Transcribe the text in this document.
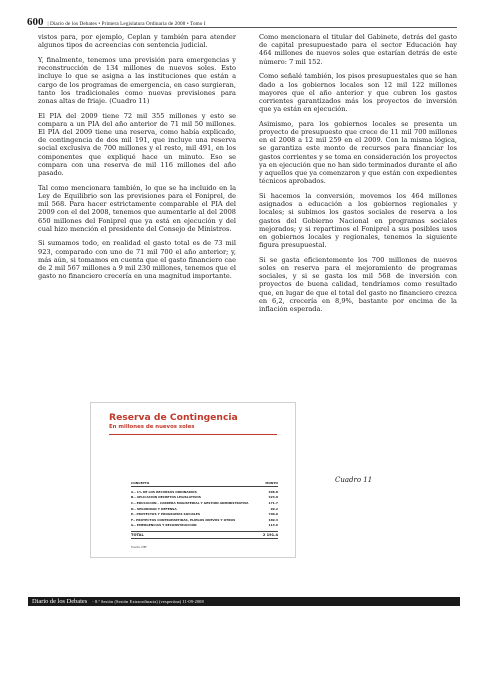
600 | Diario de los Debates • Primera Legislatura Ordinaria de 2008 • Tomo I

vistos para, por ejemplo, Ceplan y también para atender algunos tipos de acreencias con sentencia judicial.

Y, finalmente, tenemos una previsión para emergencias y reconstrucción de 134 millones de nuevos soles. Esto incluye lo que se asigna a las instituciones que están a cargo de los programas de emergencia, en caso surgieran, tanto los tradicionales como nuevas previsiones para zonas altas de friaje. (Cuadro 11)

El PIA del 2009 tiene 72 mil 355 millones y esto se compara a un PIA del año anterior de 71 mil 50 millones. El PIA del 2009 tiene una reserva, como había explicado, de contingencia de dos mil 191, que incluye una reserva social exclusiva de 700 millones y el resto, mil 491, en los componentes que expliqué hace un minuto. Eso se compara con una reserva de mil 116 millones del año pasado.

Tal como mencionara también, lo que se ha incluido en la Ley de Equilibrio son las previsiones para el Foniprel, de mil 568. Para hacer estrictamente comparable el PIA del 2009 con el del 2008, tenemos que aumentarle al del 2008 650 millones del Foniprel que ya está en ejecución y del cual hizo mención el presidente del Consejo de Ministros.

Si sumamos todo, en realidad el gasto total es de 73 mil 923, comparado con uno de 71 mil 700 el año anterior; y, más aún, si tomamos en cuenta que el gasto financiero cae de 2 mil 567 millones a 9 mil 230 millones, tenemos que el gasto no financiero crecería en una magnitud importante.

Como mencionara el titular del Gabinete, detrás del gasto de capital presupuestado para el sector Educación hay 464 millones de nuevos soles que estarían detrás de este número: 7 mil 152.

Como señalé también, los pisos presupuestales que se han dado a los gobiernos locales son 12 mil 122 millones mayores que el año anterior y que cubren los gastos corrientes garantizados más los proyectos de inversión que ya están en ejecución.

Asimismo, para los gobiernos locales se presenta un proyecto de presupuesto que crece de 11 mil 700 millones en el 2008 a 12 mil 259 en el 2009. Con la misma lógica, se garantiza este monto de recursos para financiar los gastos corrientes y se toma en consideración los proyectos ya en ejecución que no han sido terminados durante el año y aquellos que ya comenzaron y que están con expedientes técnicos aprobados.

Si hacemos la conversión, movemos los 464 millones asignados a educación a los gobiernos regionales y locales; si subimos los gastos sociales de reserva a los gastos del Gobierno Nacional en programas sociales mejorados; y si repartimos el Foniprel a sus posibles usos en gobiernos locales y regionales, tenemos la siguiente figura presupuestal.

Si se gasta eficientemente los 700 millones de nuevos soles en reserva para el mejoramiento de programas sociales, y si se gasta los mil 568 de inversión con proyectos de buena calidad, tendríamos como resultado que, en lugar de que el total del gasto no financiero crezca en 6,2, crecería en 8,9%, bastante por encima de la inflación esperada.

Reserva de Contingencia
En millones de nuevos soles
CONCEPTO	MONTO
A.- 1% DE LOS RECURSOS ORDINARIOS	498.8
B.- APLICACIÓN DECRETOS LEGISLATIVOS	423.8
C.- EDUCACIÓN - CARRERA MAGISTERIAL Y GESTIÓN ADMINISTRATIVA	171.7
D.- SEGURIDAD Y DEFENSA	99.2
E.- PROYECTOS Y PROGRAMAS SOCIALES	700.0
F.- PROYECTOS CONTRAPARTIDAS, PLIEGOS NUEVOS Y OTROS	189.3
G.- EMERGENCIAS Y RECONSTRUCCIÓN	113.6
TOTAL	2 191.4
Fuente: MEF
Cuadro 11
Diario de los Debates - 8.ª Sesión (Sesión Extraordinaria) (vespertina) 11-09-2008
